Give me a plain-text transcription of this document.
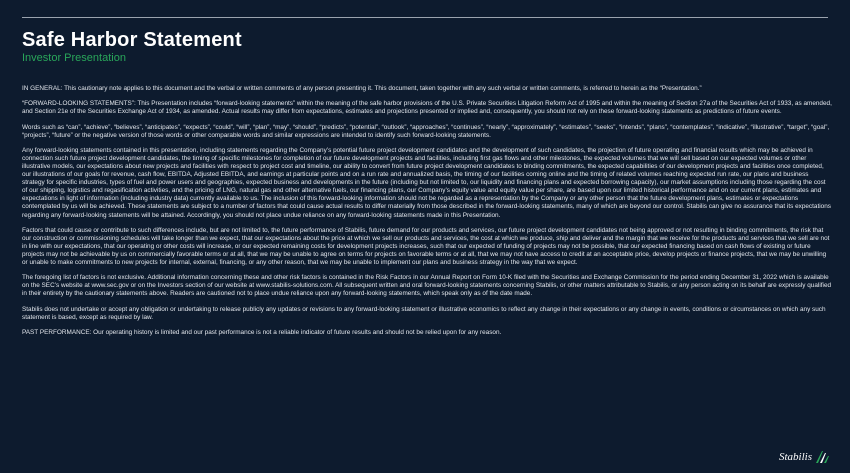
Safe Harbor Statement
Investor Presentation

IN GENERAL: This cautionary note applies to this document and the verbal or written comments of any person presenting it. This document, taken together with any such verbal or written comments, is referred to herein as the “Presentation.”

“FORWARD-LOOKING STATEMENTS”: This Presentation includes “forward-looking statements” within the meaning of the safe harbor provisions of the U.S. Private Securities Litigation Reform Act of 1995 and within the meaning of Section 27a of the Securities Act of 1933, as amended, and Section 21e of the Securities Exchange Act of 1934, as amended. Actual results may differ from expectations, estimates and projections presented or implied and, consequently, you should not rely on these forward-looking statements as predictions of future events.

Words such as “can”, “achieve”, “believes”, “anticipates”, “expects”, “could”, “will”, “plan”, “may”, “should”, “predicts”, “potential”, “outlook”, “approaches”, “continues”, “nearly”, “approximately”, “estimates”, “seeks”, “intends”, “plans”, “contemplates”, “indicative”, “illustrative”, “target”, “goal”, “projects”, “future” or the negative version of those words or other comparable words and similar expressions are intended to identify such forward-looking statements.

Any forward-looking statements contained in this presentation, including statements regarding the Company’s potential future project development candidates and the development of such candidates, the projection of future operating and financial results which may be achieved in connection such future project development candidates, the timing of specific milestones for completion of our future development projects and facilities, including first gas flows and other milestones, the expected volumes that we will sell based on our expected volumes or other illustrative models, our expectations about new projects and facilities with respect to project cost and timeline, our ability to convert from future project development candidates to binding commitments, the expected capabilities of our development projects and facilities once completed, our illustrations of our goals for revenue, cash flow, EBITDA, Adjusted EBITDA, and earnings at particular points and on a run rate and annualized basis, the timing of our facilities coming online and the timing of related volumes reaching expected run rate, our plans and business strategy for specific industries, types of fuel and power users and geographies, expected business and developments in the future (including but not limited to, our liquidity and financing plans and expected borrowing capacity), our market assumptions including those regarding the cost of our shipping, logistics and regasification activities, and the pricing of LNG, natural gas and other alternative fuels, our financing plans, our Company’s equity value and equity value per share, are based upon our limited historical performance and on our current plans, estimates and expectations in light of information (including industry data) currently available to us. The inclusion of this forward-looking information should not be regarded as a representation by the Company or any other person that the future development plans, estimates or expectations contemplated by us will be achieved. These statements are subject to a number of factors that could cause actual results to differ materially from those described in the forward-looking statements, many of which are beyond our control. Stabilis can give no assurance that its expectations regarding any forward-looking statements will be attained. Accordingly, you should not place undue reliance on any forward-looking statements made in this Presentation.

Factors that could cause or contribute to such differences include, but are not limited to, the future performance of Stabilis, future demand for our products and services, our future project development candidates not being approved or not resulting in binding commitments, the risk that our construction or commissioning schedules will take longer than we expect, that our expectations about the price at which we sell our products and services, the cost at which we produce, ship and deliver and the margin that we receive for the products and services that we sell are not in line with our expectations, that our operating or other costs will increase, or our expected remaining costs for development projects increases, such that our expected of funding of projects may not be possible, that our expected financing based on cash flows of existing or future projects may not be achievable by us on commercially favorable terms or at all, that we may be unable to agree on terms for projects on favorable terms or at all, that we may not have access to credit at an acceptable price, develop projects or finance projects, that we may be unwilling or unable to make commitments to new projects for internal, external, financing, or any other reason, that we may be unable to implement our plans and business strategy in the way that we expect.

The foregoing list of factors is not exclusive. Additional information concerning these and other risk factors is contained in the Risk Factors in our Annual Report on Form 10-K filed with the Securities and Exchange Commission for the period ending December 31, 2022 which is available on the SEC’s website at www.sec.gov or on the Investors section of our website at www.stabilis-solutions.com. All subsequent written and oral forward-looking statements concerning Stabilis, or other matters attributable to Stabilis, or any person acting on its behalf are expressly qualified in their entirety by the cautionary statements above. Readers are cautioned not to place undue reliance upon any forward-looking statements, which speak only as of the date made.

Stabilis does not undertake or accept any obligation or undertaking to release publicly any updates or revisions to any forward-looking statement or illustrative economics to reflect any change in their expectations or any change in events, conditions or circumstances on which any such statement is based, except as required by law.

PAST PERFORMANCE: Our operating history is limited and our past performance is not a reliable indicator of future results and should not be relied upon for any reason.

Stabilis
